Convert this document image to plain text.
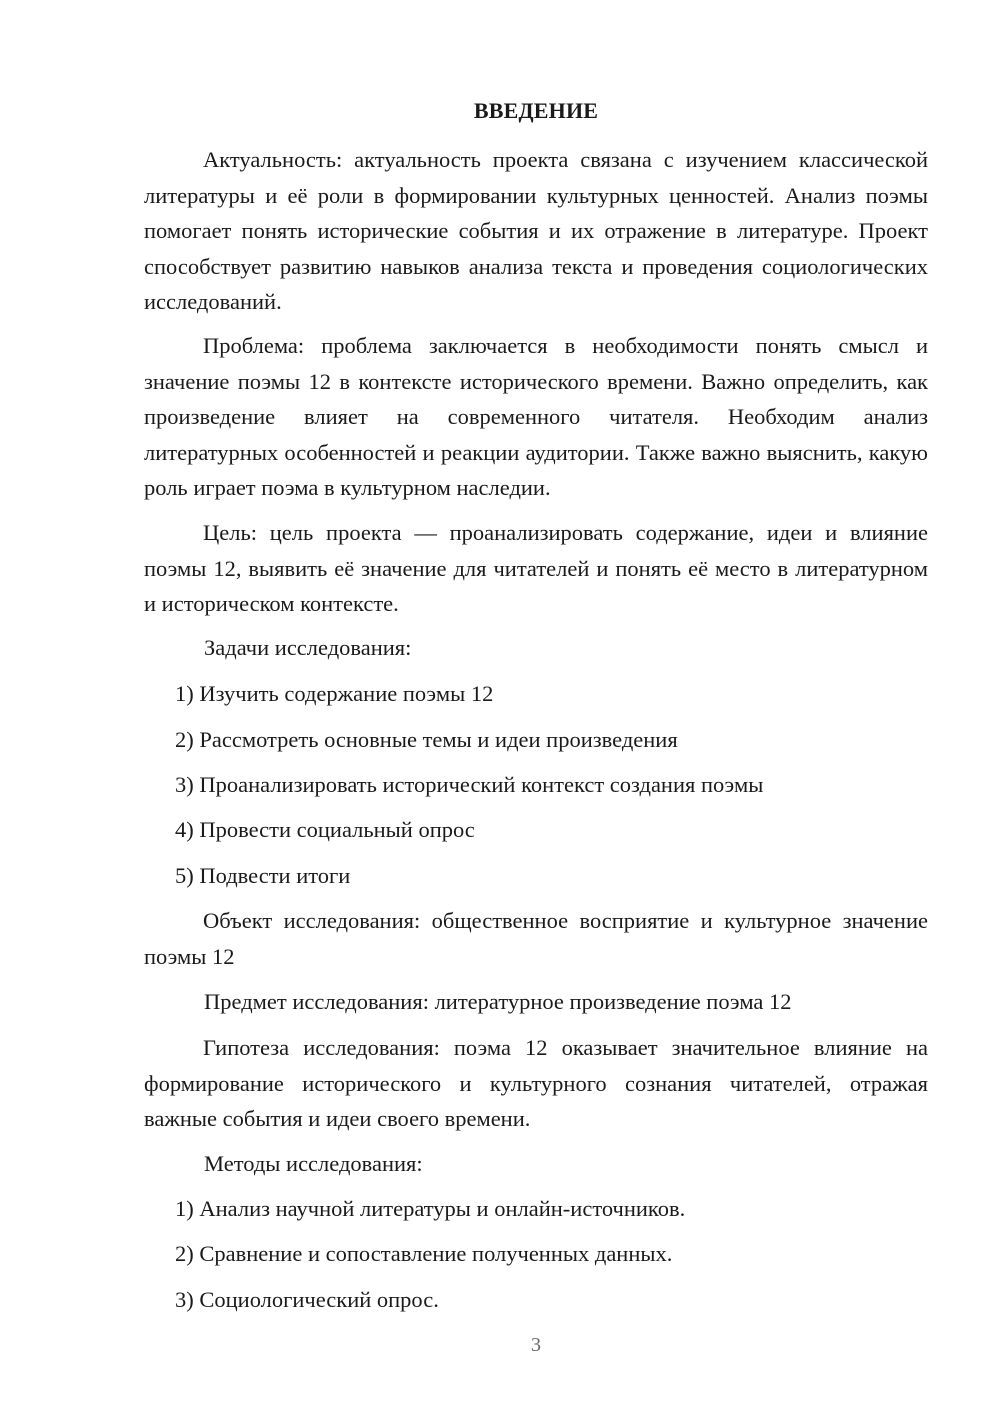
ВВЕДЕНИЕ

Актуальность: актуальность проекта связана с изучением классической литературы и её роли в формировании культурных ценностей. Анализ поэмы помогает понять исторические события и их отражение в литературе. Проект способствует развитию навыков анализа текста и проведения социологических исследований.

Проблема: проблема заключается в необходимости понять смысл и значение поэмы 12 в контексте исторического времени. Важно определить, как произведение влияет на современного читателя. Необходим анализ литературных особенностей и реакции аудитории. Также важно выяснить, какую роль играет поэма в культурном наследии.

Цель: цель проекта — проанализировать содержание, идеи и влияние поэмы 12, выявить её значение для читателей и понять её место в литературном и историческом контексте.

Задачи исследования:

1) Изучить содержание поэмы 12

2) Рассмотреть основные темы и идеи произведения

3) Проанализировать исторический контекст создания поэмы

4) Провести социальный опрос

5) Подвести итоги

Объект исследования: общественное восприятие и культурное значение поэмы 12

Предмет исследования: литературное произведение поэма 12

Гипотеза исследования: поэма 12 оказывает значительное влияние на формирование исторического и культурного сознания читателей, отражая важные события и идеи своего времени.

Методы исследования:

1) Анализ научной литературы и онлайн-источников.

2) Сравнение и сопоставление полученных данных.

3) Социологический опрос.

3
